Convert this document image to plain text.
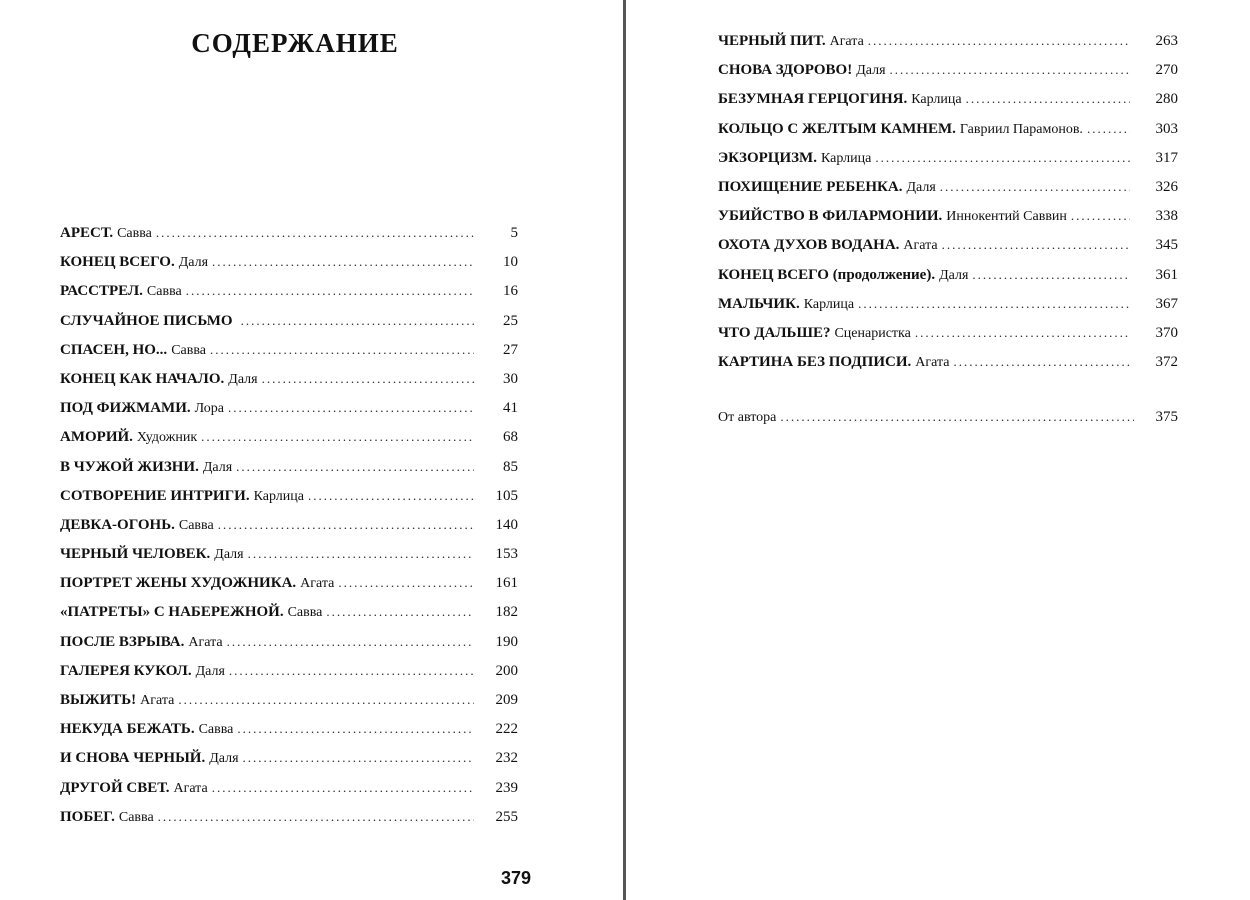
СОДЕРЖАНИЕ
АРЕСТ. Савва .....	5
КОНЕЦ ВСЕГО. Даля .....	10
РАССТРЕЛ. Савва .....	16
СЛУЧАЙНОЕ ПИСЬМО .....	25
СПАСЕН, НО... Савва .....	27
КОНЕЦ КАК НАЧАЛО. Даля .....	30
ПОД ФИЖМАМИ. Лора .....	41
АМОРИЙ. Художник .....	68
В ЧУЖОЙ ЖИЗНИ. Даля .....	85
СОТВОРЕНИЕ ИНТРИГИ. Карлица .....	105
ДЕВКА-ОГОНЬ. Савва .....	140
ЧЕРНЫЙ ЧЕЛОВЕК. Даля .....	153
ПОРТРЕТ ЖЕНЫ ХУДОЖНИКА. Агата .....	161
«ПАТРЕТЫ» С НАБЕРЕЖНОЙ. Савва .....	182
ПОСЛЕ ВЗРЫВА. Агата .....	190
ГАЛЕРЕЯ КУКОЛ. Даля .....	200
ВЫЖИТЬ! Агата .....	209
НЕКУДА БЕЖАТЬ. Савва .....	222
И СНОВА ЧЕРНЫЙ. Даля .....	232
ДРУГОЙ СВЕТ. Агата .....	239
ПОБЕГ. Савва .....	255
379
ЧЕРНЫЙ ПИТ. Агата .....	263
СНОВА ЗДОРОВО! Даля .....	270
БЕЗУМНАЯ ГЕРЦОГИНЯ. Карлица .....	280
КОЛЬЦО С ЖЕЛТЫМ КАМНЕМ. Гавриил Парамонов. .....	303
ЭКЗОРЦИЗМ. Карлица .....	317
ПОХИЩЕНИЕ РЕБЕНКА. Даля .....	326
УБИЙСТВО В ФИЛАРМОНИИ. Иннокентий Саввин .....	338
ОХОТА ДУХОВ ВОДАНА. Агата .....	345
КОНЕЦ ВСЕГО (продолжение). Даля .....	361
МАЛЬЧИК. Карлица .....	367
ЧТО ДАЛЬШЕ? Сценаристка .....	370
КАРТИНА БЕЗ ПОДПИСИ. Агата .....	372
От автора .....	375
